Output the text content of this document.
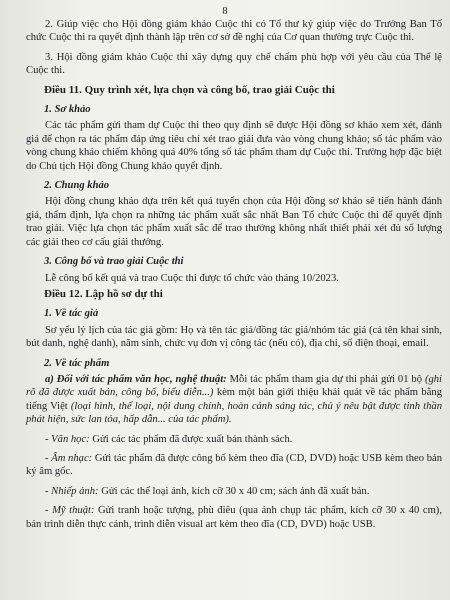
8

2. Giúp việc cho Hội đồng giám khảo Cuộc thi có Tổ thư ký giúp việc do Trưởng Ban Tổ chức Cuộc thi ra quyết định thành lập trên cơ sở đề nghị của Cơ quan thường trực Cuộc thi.

3. Hội đồng giám khảo Cuộc thi xây dựng quy chế chấm phù hợp với yêu cầu của Thể lệ Cuộc thi.

Điều 11. Quy trình xét, lựa chọn và công bố, trao giải Cuộc thi

1. Sơ khảo

Các tác phẩm gửi tham dự Cuộc thi theo quy định sẽ được Hội đồng sơ khảo xem xét, đánh giá để chọn ra tác phẩm đáp ứng tiêu chí xét trao giải đưa vào vòng chung khảo; số tác phẩm vào vòng chung khảo chiếm không quá 40% tổng số tác phẩm tham dự Cuộc thi. Trường hợp đặc biệt do Chủ tịch Hội đồng Chung khảo quyết định.

2. Chung khảo

Hội đồng chung khảo dựa trên kết quả tuyển chọn của Hội đồng sơ khảo sẽ tiến hành đánh giá, thẩm định, lựa chọn ra những tác phẩm xuất sắc nhất Ban Tổ chức Cuộc thi để quyết định trao giải. Việc lựa chọn tác phẩm xuất sắc để trao thưởng không nhất thiết phải xét đủ số lượng các giải theo cơ cấu giải thưởng.

3. Công bố và trao giải Cuộc thi

Lễ công bố kết quả và trao Cuộc thi được tổ chức vào tháng 10/2023.

Điều 12. Lập hồ sơ dự thi

1. Về tác giả

Sơ yếu lý lịch của tác giả gồm: Họ và tên tác giả/đồng tác giả/nhóm tác giả (cả tên khai sinh, bút danh, nghệ danh), năm sinh, chức vụ đơn vị công tác (nếu có), địa chỉ, số điện thoại, email.

2. Về tác phẩm

a) Đối với tác phẩm văn học, nghệ thuật: Mỗi tác phẩm tham gia dự thi phải gửi 01 bộ (ghi rõ đã được xuất bản, công bố, biểu diễn...) kèm một bản giới thiệu khái quát về tác phẩm bằng tiếng Việt (loại hình, thể loại, nội dung chính, hoàn cảnh sáng tác, chủ ý nêu bật được tinh thần phát hiện, sức lan tỏa, hấp dẫn... của tác phẩm).

- Văn học: Gửi các tác phẩm đã được xuất bản thành sách.

- Âm nhạc: Gửi tác phẩm đã được công bố kèm theo đĩa (CD, DVD) hoặc USB kèm theo bản ký âm gốc.

- Nhiếp ảnh: Gửi các thể loại ảnh, kích cỡ 30 x 40 cm; sách ảnh đã xuất bản.

- Mỹ thuật: Gửi tranh hoặc tượng, phù điêu (qua ảnh chụp tác phẩm, kích cỡ 30 x 40 cm), bản trình diễn thực cảnh, trình diễn visual art kèm theo đĩa (CD, DVD) hoặc USB.
